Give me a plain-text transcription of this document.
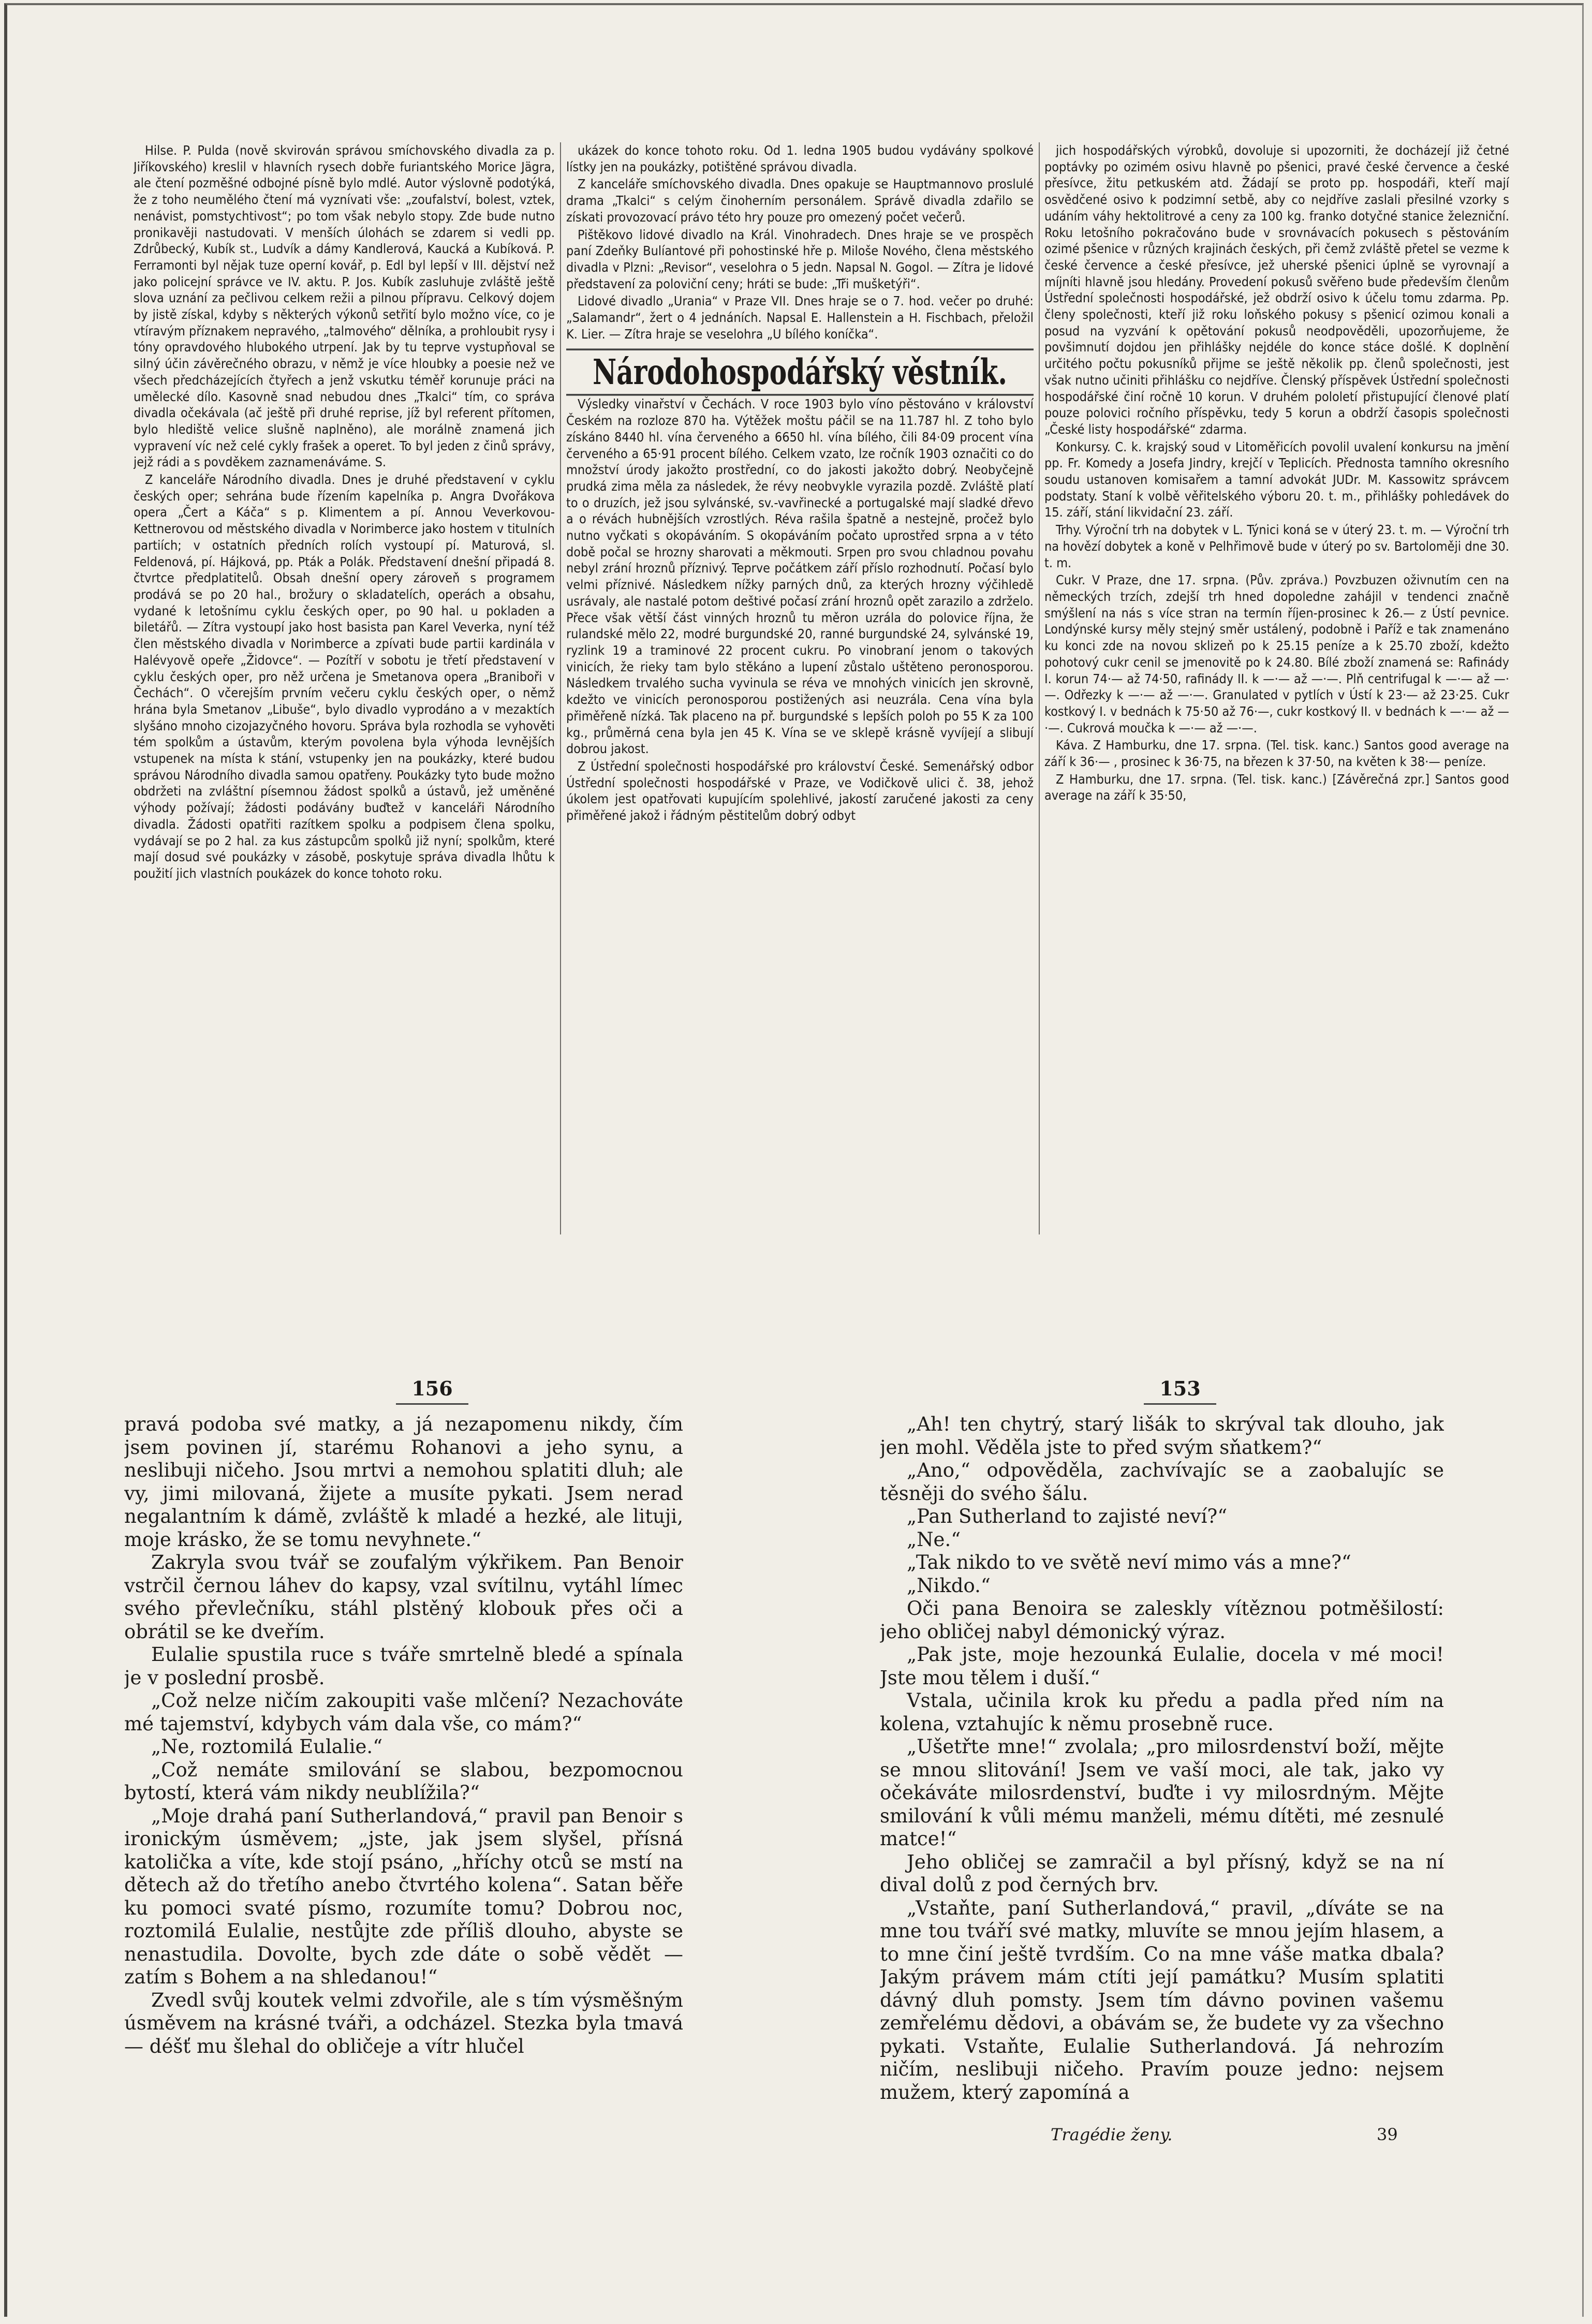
Hilse. P. Pulda (nově skvirován správou smíchovského divadla za p. Jiříkovského) kreslil v hlavních rysech dobře furiantského Morice Jägra, ale čtení pozměšné odbojné písně bylo mdlé. Autor výslovně podotýká, že z toho neumělého čtení má vyznívati vše: „zoufalství, bolest, vztek, nenávist, pomstychtivost“; po tom však nebylo stopy. Zde bude nutno pronikavěji nastudovati. V menších úlohách se zdarem si vedli pp. Zdrůbecký, Kubík st., Ludvík a dámy Kandlerová, Kaucká a Kubíková. P. Ferramonti byl nějak tuze operní kovář, p. Edl byl lepší v III. dějství než jako policejní správce ve IV. aktu. P. Jos. Kubík zasluhuje zvláště ještě slova uznání za pečlivou celkem režii a pilnou přípravu. Celkový dojem by jistě získal, kdyby s některých výkonů setřití bylo možno více, co je vtíravým příznakem nepravého, „talmového“ dělníka, a prohloubit rysy i tóny opravdového hlubokého utrpení. Jak by tu teprve vystupňoval se silný účin závěrečného obrazu, v němž je více hloubky a poesie než ve všech předcházejících čtyřech a jenž vskutku téměř korunuje práci na umělecké dílo. Kasovně snad nebudou dnes „Tkalci“ tím, co správa divadla očekávala (ač ještě při druhé reprise, jíž byl referent přítomen, bylo hlediště velice slušně naplněno), ale morálně znamená jich vypravení víc než celé cykly frašek a operet. To byl jeden z činů správy, jejž rádi a s povděkem zaznamenáváme. S.

Z kanceláře Národního divadla. Dnes je druhé představení v cyklu českých oper; sehrána bude řízením kapelníka p. Angra Dvořákova opera „Čert a Káča“ s p. Klimentem a pí. Annou Veverkovou-Kettnerovou od městského divadla v Norimberce jako hostem v titulních partiích; v ostatních předních rolích vystoupí pí. Maturová, sl. Feldenová, pí. Hájková, pp. Pták a Polák. Představení dnešní připadá 8. čtvrtce předplatitelů. Obsah dnešní opery zároveň s programem prodává se po 20 hal., brožury o skladatelích, operách a obsahu, vydané k letošnímu cyklu českých oper, po 90 hal. u pokladen a biletářů. — Zítra vystoupí jako host basista pan Karel Veverka, nyní též člen městského divadla v Norimberce a zpívati bude partii kardinála v Halévyově opeře „Židovce“. — Pozítří v sobotu je třetí představení v cyklu českých oper, pro něž určena je Smetanova opera „Braniboři v Čechách“. O včerejším prvním večeru cyklu českých oper, o němž hrána byla Smetanov „Libuše“, bylo divadlo vyprodáno a v mezaktích slyšáno mnoho cizojazyčného hovoru. Správa byla rozhodla se vyhověti tém spolkům a ústavům, kterým povolena byla výhoda levnějších vstupenek na místa k stání, vstupenky jen na poukázky, které budou správou Národního divadla samou opatřeny. Poukázky tyto bude možno obdržeti na zvláštní písemnou žádost spolků a ústavů, jež uměněné výhody požívají; žádosti podávány buďtež v kanceláři Národního divadla. Žádosti opatřiti razítkem spolku a podpisem člena spolku, vydávají se po 2 hal. za kus zástupcům spolků již nyní; spolkům, které mají dosud své poukázky v zásobě, poskytuje správa divadla lhůtu k použití jich vlastních poukázek do konce tohoto roku.

ukázek do konce tohoto roku. Od 1. ledna 1905 budou vydávány spolkové lístky jen na poukázky, potištěné správou divadla.

Z kanceláře smíchovského divadla. Dnes opakuje se Hauptmannovo proslulé drama „Tkalci“ s celým činoherním personálem. Správě divadla zdařilo se získati provozovací právo této hry pouze pro omezený počet večerů.

Pištěkovo lidové divadlo na Král. Vinohradech. Dnes hraje se ve prospěch paní Zdeňky Bulíantové při pohostinské hře p. Miloše Nového, člena městského divadla v Plzni: „Revisor“, veselohra o 5 jedn. Napsal N. Gogol. — Zítra je lidové představení za poloviční ceny; hráti se bude: „Tři mušketýři“.

Lidové divadlo „Urania“ v Praze VII. Dnes hraje se o 7. hod. večer po druhé: „Salamandr“, žert o 4 jednáních. Napsal E. Hallenstein a H. Fischbach, přeložil K. Lier. — Zítra hraje se veselohra „U bílého koníčka“.

Národohospodářský věstník.

Výsledky vinařství v Čechách. V roce 1903 bylo víno pěstováno v království Českém na rozloze 870 ha. Výtěžek moštu páčil se na 11.787 hl. Z toho bylo získáno 8440 hl. vína červeného a 6650 hl. vína bílého, čili 84·09 procent vína červeného a 65·91 procent bílého. Celkem vzato, lze ročník 1903 označiti co do množství úrody jakožto prostřední, co do jakosti jakožto dobrý. Neobyčejně prudká zima měla za následek, že révy neobvykle vyrazila pozdě. Zvláště platí to o druzích, jež jsou sylvánské, sv.-vavřinecké a portugalské mají sladké dřevo a o révách hubnějších vzrostlých. Réva rašila špatně a nestejně, pročež bylo nutno vyčkati s okopáváním. S okopáváním počato uprostřed srpna a v této době počal se hrozny sharovati a měkmouti. Srpen pro svou chladnou povahu nebyl zrání hroznů příznivý. Teprve počátkem září příslo rozhodnutí. Počasí bylo velmi příznivé. Následkem nížky parných dnů, za kterých hrozny výčihledě usrávaly, ale nastalé potom deštivé počasí zrání hroznů opět zarazilo a zdrželo. Přece však větší část vinných hroznů tu měron uzrála do polovice října, že rulandské mělo 22, modré burgundské 20, ranné burgundské 24, sylvánské 19, ryzlink 19 a traminové 22 procent cukru. Po vinobraní jenom o takových vinicích, že rieky tam bylo stěkáno a lupení zůstalo uštěteno peronosporou. Následkem trvalého sucha vyvinula se réva ve mnohých vinicích jen skrovně, kdežto ve vinicích peronosporou postižených asi neuzrála. Cena vína byla přiměřeně nízká. Tak placeno na př. burgundské s lepších poloh po 55 K za 100 kg., průměrná cena byla jen 45 K. Vína se ve sklepě krásně vyvíjejí a slibují dobrou jakost.

Z Ústřední společnosti hospodářské pro království České. Semenářský odbor Ústřední společnosti hospodářské v Praze, ve Vodičkově ulici č. 38, jehož úkolem jest opatřovati kupujícím spolehlivé, jakostí zaručené jakosti za ceny přiměřené jakož i řádným pěstitelům dobrý odbyt

jich hospodářských výrobků, dovoluje si upozorniti, že docházejí již četné poptávky po ozimém osivu hlavně po pšenici, pravé české července a české přesívce, žitu petkuském atd. Žádají se proto pp. hospodáři, kteří mají osvědčené osivo k podzimní setbě, aby co nejdříve zaslali přesilné vzorky s udáním váhy hektolitrové a ceny za 100 kg. franko dotyčné stanice železniční. Roku letošního pokračováno bude v srovnávacích pokusech s pěstováním ozimé pšenice v různých krajinách českých, při čemž zvláště přetel se vezme k české července a české přesívce, jež uherské pšenici úplně se vyrovnají a míjníti hlavně jsou hledány. Provedení pokusů svěřeno bude především členům Ústřední společnosti hospodářské, jež obdrží osivo k účelu tomu zdarma. Pp. členy společnosti, kteří již roku loňského pokusy s pšenicí ozimou konali a posud na vyzvání k opětování pokusů neodpověděli, upozorňujeme, že povšimnutí dojdou jen přihlášky nejdéle do konce stáce došlé. K doplnění určitého počtu pokusníků přijme se ještě několik pp. členů společnosti, jest však nutno učiniti přihlášku co nejdříve. Členský příspěvek Ústřední společnosti hospodářské činí ročně 10 korun. V druhém pololetí přistupující členové platí pouze polovici ročního příspěvku, tedy 5 korun a obdrží časopis společnosti „České listy hospodářské“ zdarma.

Konkursy. C. k. krajský soud v Litoměřicích povolil uvalení konkursu na jmění pp. Fr. Komedy a Josefa Jindry, krejčí v Teplicích. Přednosta tamního okresního soudu ustanoven komisařem a tamní advokát JUDr. M. Kassowitz správcem podstaty. Staní k volbě věřitelského výboru 20. t. m., přihlášky pohledávek do 15. září, stání likvidační 23. září.

Trhy. Výroční trh na dobytek v L. Týnici koná se v úterý 23. t. m. — Výroční trh na hovězí dobytek a koně v Pelhřimově bude v úterý po sv. Bartoloměji dne 30. t. m.

Cukr. V Praze, dne 17. srpna. (Pův. zpráva.) Povzbuzen oživnutím cen na německých trzích, zdejší trh hned dopoledne zahájil v tendenci značně smýšlení na nás s více stran na termín říjen-prosinec k 26.— z Ústí pevnice. Londýnské kursy měly stejný směr ustálený, podobně i Paříž e tak znamenáno ku konci zde na novou sklizeň po k 25.15 peníze a k 25.70 zboží, kdežto pohotový cukr cenil se jmenovitě po k 24.80. Bílé zboží znamená se: Rafinády I. korun 74·— až 74·50, rafinády II. k —·— až —·—. Plň centrifugal k —·— až —·—. Odřezky k —·— až —·—. Granulated v pytlích v Ústí k 23·— až 23·25. Cukr kostkový I. v bednách k 75·50 až 76·—, cukr kostkový II. v bednách k —·— až —·—. Cukrová moučka k —·— až —·—.

Káva. Z Hamburku, dne 17. srpna. (Tel. tisk. kanc.) Santos good average na září k 36·— , prosinec k 36·75, na březen k 37·50, na květen k 38·— peníze.

Z Hamburku, dne 17. srpna. (Tel. tisk. kanc.) [Závěrečná zpr.] Santos good average na září k 35·50,

156	153

pravá podoba své matky, a já nezapomenu nikdy, čím jsem povinen jí, starému Rohanovi a jeho synu, a neslibuji ničeho. Jsou mrtvi a nemohou splatiti dluh; ale vy, jimi milovaná, žijete a musíte pykati. Jsem nerad negalantním k dámě, zvláště k mladé a hezké, ale lituji, moje krásko, že se tomu nevyhnete.“

Zakryla svou tvář se zoufalým výkřikem. Pan Benoir vstrčil černou láhev do kapsy, vzal svítilnu, vytáhl límec svého převlečníku, stáhl plstěný klobouk přes oči a obrátil se ke dveřím.

Eulalie spustila ruce s tváře smrtelně bledé a spínala je v poslední prosbě.

„Což nelze ničím zakoupiti vaše mlčení? Nezachováte mé tajemství, kdybych vám dala vše, co mám?“

„Ne, roztomilá Eulalie.“

„Což nemáte smilování se slabou, bezpomocnou bytostí, která vám nikdy neublížila?“

„Moje drahá paní Sutherlandová,“ pravil pan Benoir s ironickým úsměvem; „jste, jak jsem slyšel, přísná katolička a víte, kde stojí psáno, „hříchy otců se mstí na dětech až do třetího anebo čtvrtého kolena“. Satan běře ku pomoci svaté písmo, rozumíte tomu? Dobrou noc, roztomilá Eulalie, nestůjte zde příliš dlouho, abyste se nenastudila. Dovolte, bych zde dáte o sobě vědět — zatím s Bohem a na shledanou!“

Zvedl svůj koutek velmi zdvořile, ale s tím výsměšným úsměvem na krásné tváři, a odcházel. Stezka byla tmavá — déšť mu šlehal do obličeje a vítr hlučel

„Ah! ten chytrý, starý lišák to skrýval tak dlouho, jak jen mohl. Věděla jste to před svým sňatkem?“

„Ano,“ odpověděla, zachvívajíc se a zaobalujíc se těsněji do svého šálu.

„Pan Sutherland to zajisté neví?“

„Ne.“

„Tak nikdo to ve světě neví mimo vás a mne?“

„Nikdo.“

Oči pana Benoira se zaleskly vítěznou potměšilostí: jeho obličej nabyl démonický výraz.

„Pak jste, moje hezounká Eulalie, docela v mé moci! Jste mou tělem i duší.“

Vstala, učinila krok ku předu a padla před ním na kolena, vztahujíc k němu prosebně ruce.

„Ušetřte mne!“ zvolala; „pro milosrdenství boží, mějte se mnou slitování! Jsem ve vaší moci, ale tak, jako vy očekáváte milosrdenství, buďte i vy milosrdným. Mějte smilování k vůli mému manželi, mému dítěti, mé zesnulé matce!“

Jeho obličej se zamračil a byl přísný, když se na ní dival dolů z pod černých brv.

„Vstaňte, paní Sutherlandová,“ pravil, „díváte se na mne tou tváří své matky, mluvíte se mnou jejím hlasem, a to mne činí ještě tvrdším. Co na mne váše matka dbala? Jakým právem mám ctíti její památku? Musím splatiti dávný dluh pomsty. Jsem tím dávno povinen vašemu zemřelému dědovi, a obávám se, že budete vy za všechno pykati. Vstaňte, Eulalie Sutherlandová. Já nehrozím ničím, neslibuji ničeho. Pravím pouze jedno: nejsem mužem, který zapomíná a

Tragédie ženy.	39
